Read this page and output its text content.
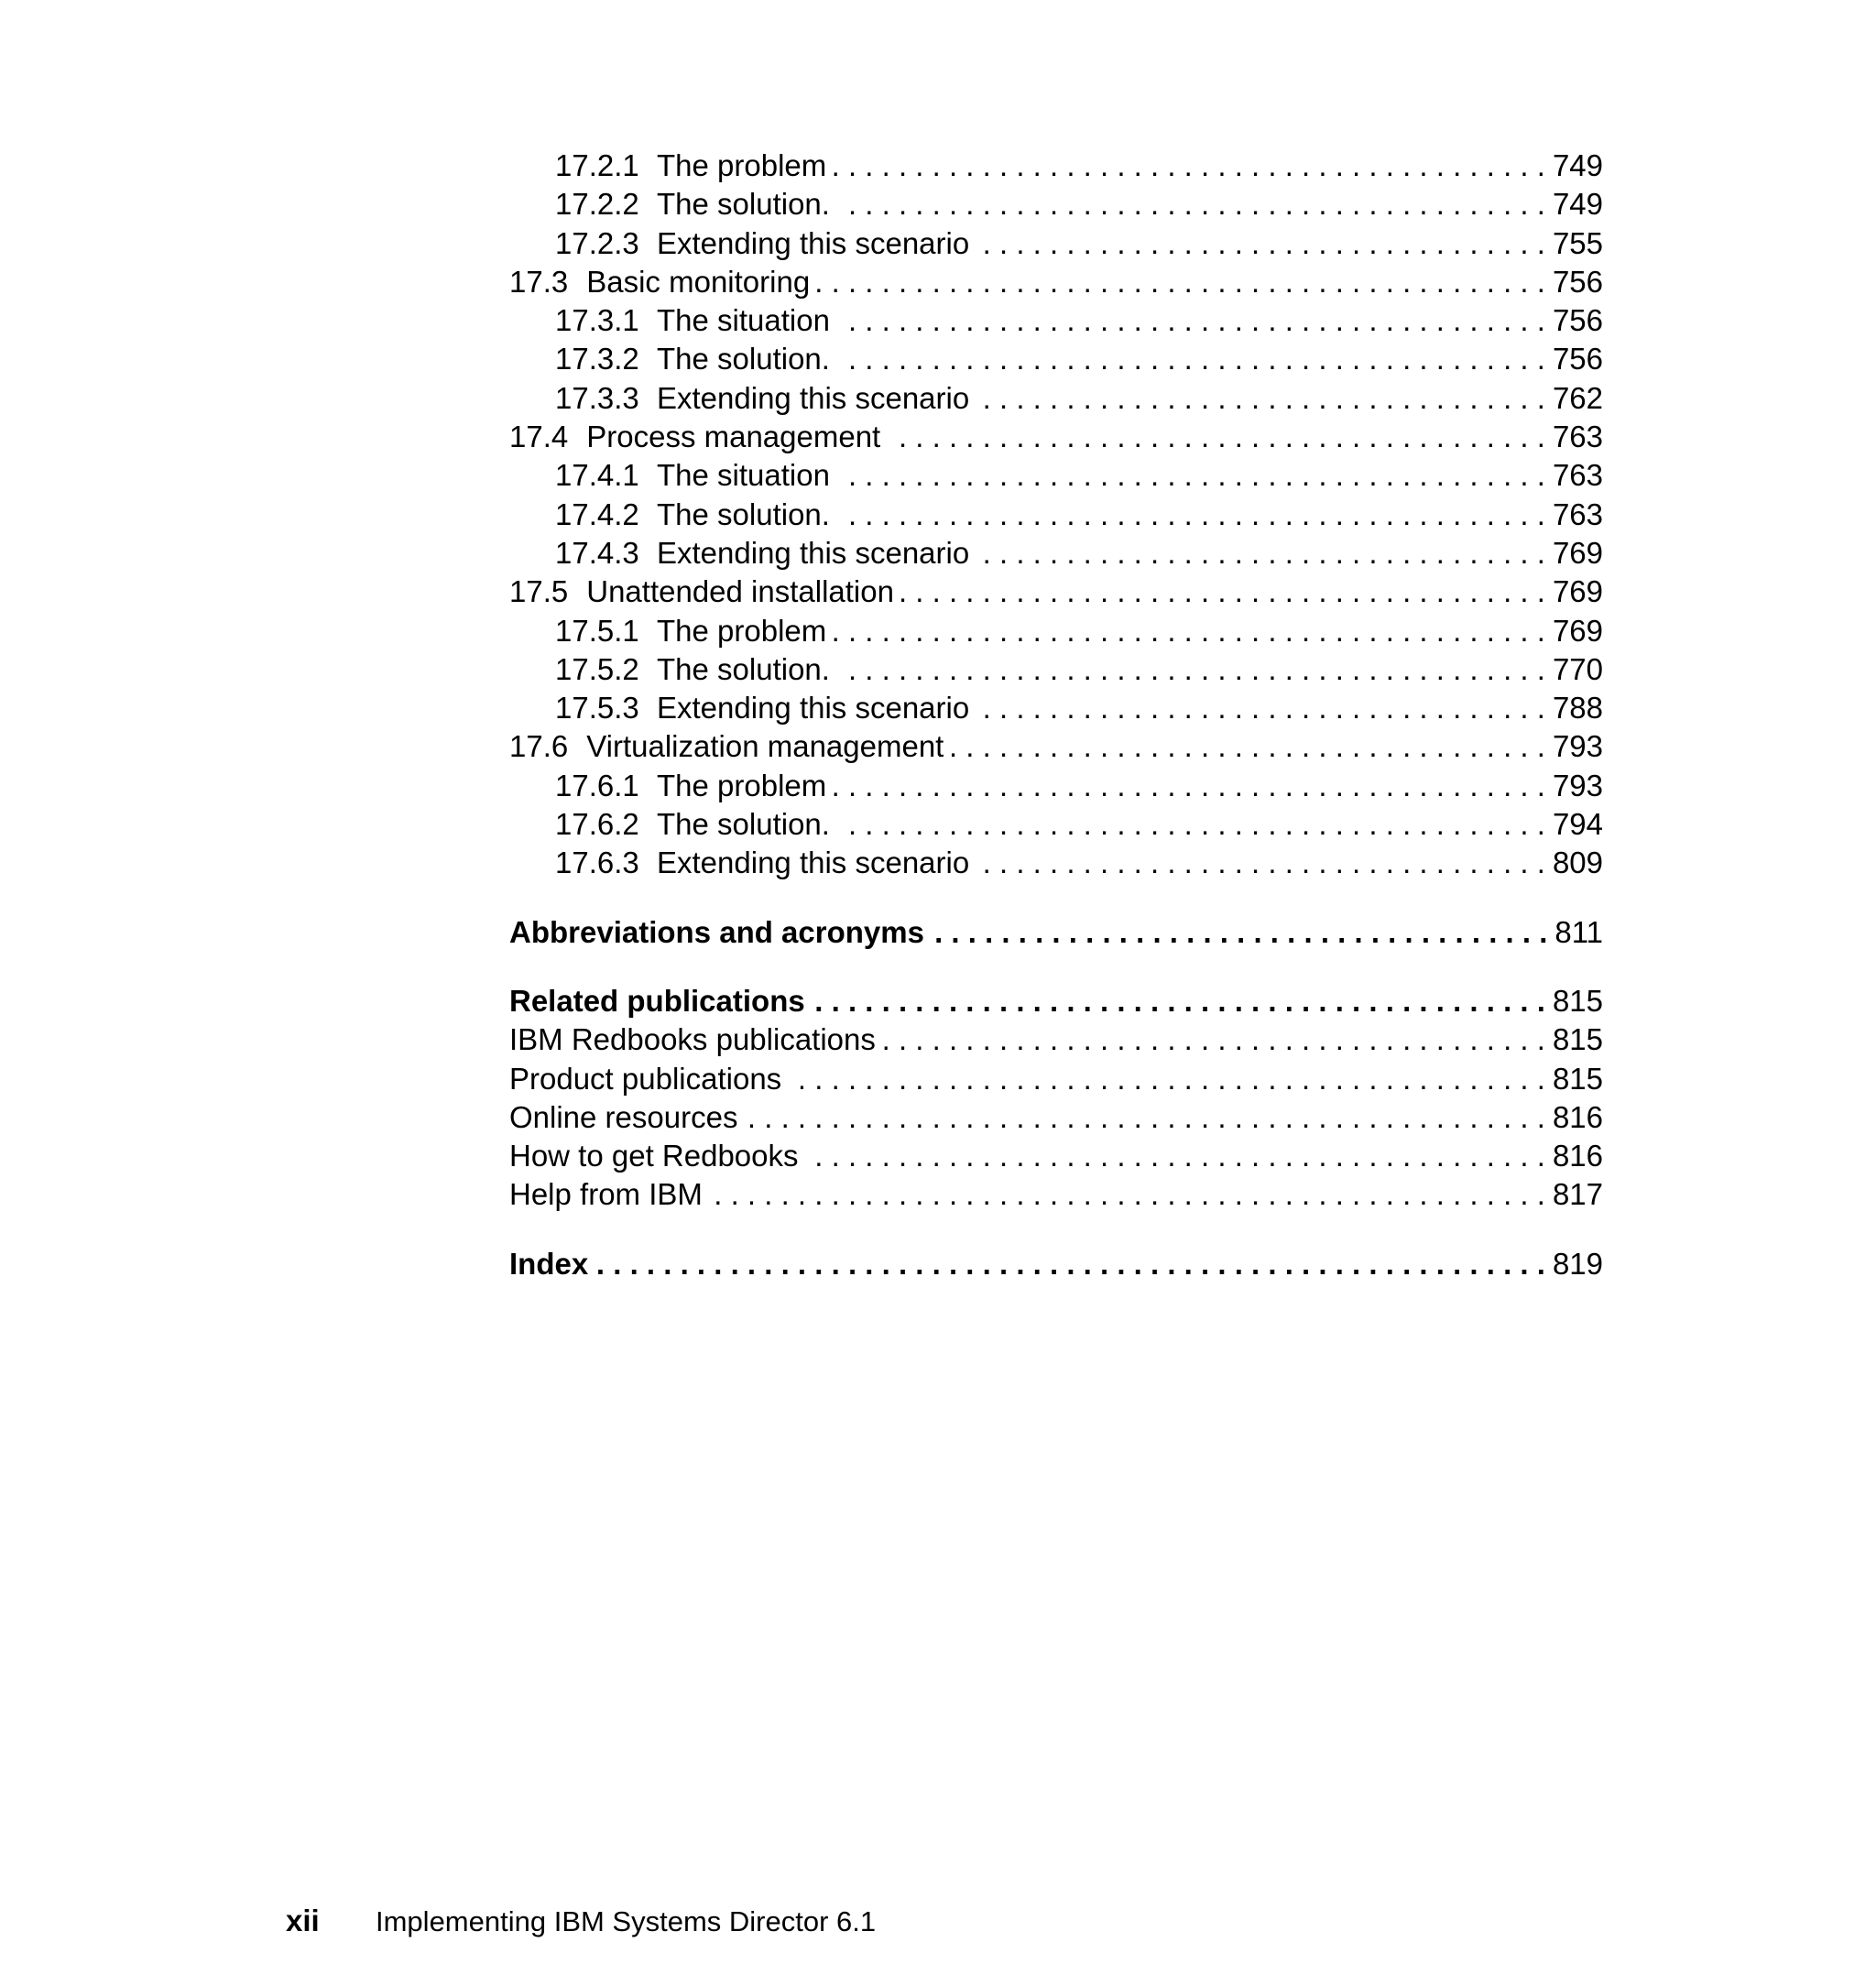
17.2.1 The problem . . .	749
17.2.2 The solution. . . .	749
17.2.3 Extending this scenario . . .	755
17.3 Basic monitoring . . .	756
17.3.1 The situation . . .	756
17.3.2 The solution. . . .	756
17.3.3 Extending this scenario . . .	762
17.4 Process management . . .	763
17.4.1 The situation . . .	763
17.4.2 The solution. . . .	763
17.4.3 Extending this scenario . . .	769
17.5 Unattended installation . . .	769
17.5.1 The problem . . .	769
17.5.2 The solution. . . .	770
17.5.3 Extending this scenario . . .	788
17.6 Virtualization management . . .	793
17.6.1 The problem . . .	793
17.6.2 The solution. . . .	794
17.6.3 Extending this scenario . . .	809
Abbreviations and acronyms . . .	811
Related publications . . .	815
IBM Redbooks publications . . .	815
Product publications . . .	815
Online resources . . .	816
How to get Redbooks . . .	816
Help from IBM . . .	817
Index . . .	819
xii	Implementing IBM Systems Director 6.1
